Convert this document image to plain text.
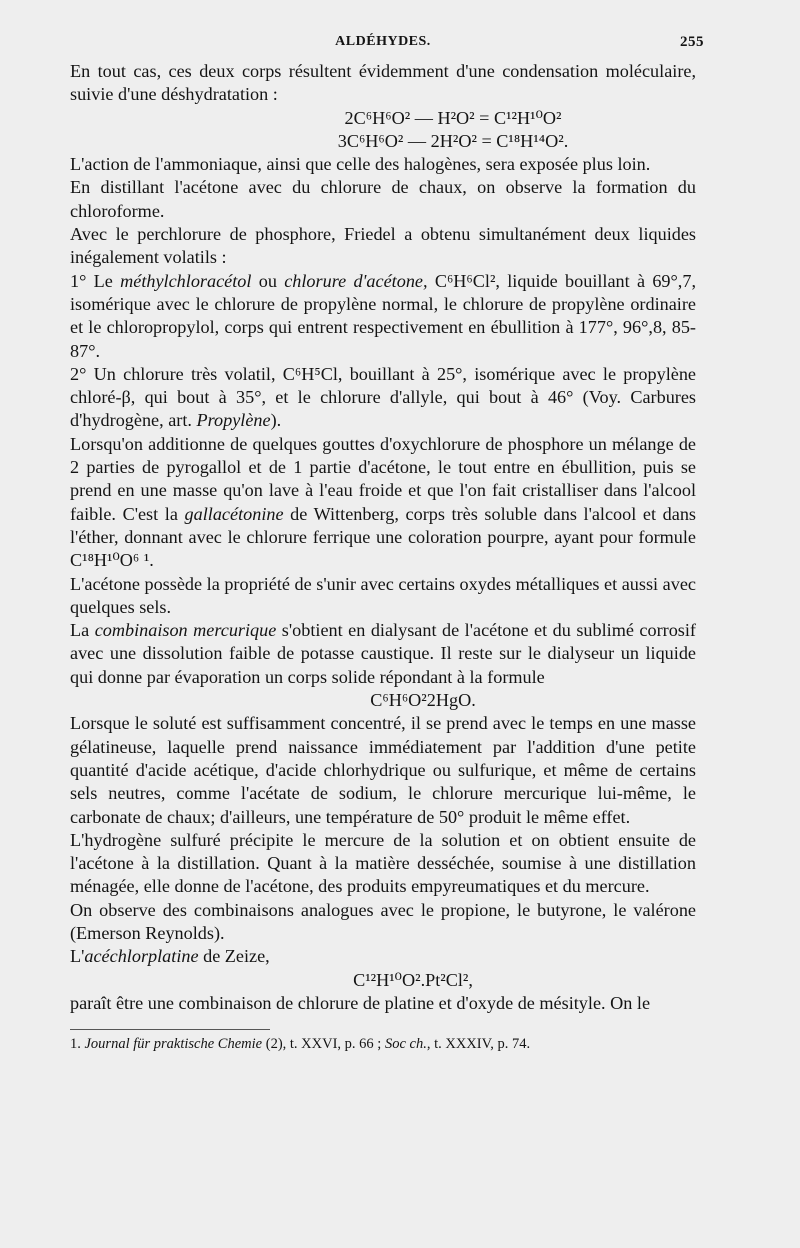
ALDÉHYDES.	255

En tout cas, ces deux corps résultent évidemment d'une condensation moléculaire, suivie d'une déshydratation :

2C⁶H⁶O² — H²O² = C¹²H¹⁰O²

3C⁶H⁶O² — 2H²O² = C¹⁸H¹⁴O².

L'action de l'ammoniaque, ainsi que celle des halogènes, sera exposée plus loin.

En distillant l'acétone avec du chlorure de chaux, on observe la formation du chloroforme.

Avec le perchlorure de phosphore, Friedel a obtenu simultanément deux liquides inégalement volatils :

1° Le méthylchloracétol ou chlorure d'acétone, C⁶H⁶Cl², liquide bouillant à 69°,7, isomérique avec le chlorure de propylène normal, le chlorure de propylène ordinaire et le chloropropylol, corps qui entrent respectivement en ébullition à 177°, 96°,8, 85-87°.

2° Un chlorure très volatil, C⁶H⁵Cl, bouillant à 25°, isomérique avec le propylène chloré-β, qui bout à 35°, et le chlorure d'allyle, qui bout à 46° (Voy. Carbures d'hydrogène, art. Propylène).

Lorsqu'on additionne de quelques gouttes d'oxychlorure de phosphore un mélange de 2 parties de pyrogallol et de 1 partie d'acétone, le tout entre en ébullition, puis se prend en une masse qu'on lave à l'eau froide et que l'on fait cristalliser dans l'alcool faible. C'est la gallacétonine de Wittenberg, corps très soluble dans l'alcool et dans l'éther, donnant avec le chlorure ferrique une coloration pourpre, ayant pour formule C¹⁸H¹⁰O⁶ ¹.

L'acétone possède la propriété de s'unir avec certains oxydes métalliques et aussi avec quelques sels.

La combinaison mercurique s'obtient en dialysant de l'acétone et du sublimé corrosif avec une dissolution faible de potasse caustique. Il reste sur le dialyseur un liquide qui donne par évaporation un corps solide répondant à la formule

C⁶H⁶O²2HgO.

Lorsque le soluté est suffisamment concentré, il se prend avec le temps en une masse gélatineuse, laquelle prend naissance immédiatement par l'addition d'une petite quantité d'acide acétique, d'acide chlorhydrique ou sulfurique, et même de certains sels neutres, comme l'acétate de sodium, le chlorure mercurique lui-même, le carbonate de chaux; d'ailleurs, une température de 50° produit le même effet.

L'hydrogène sulfuré précipite le mercure de la solution et on obtient ensuite de l'acétone à la distillation. Quant à la matière desséchée, soumise à une distillation ménagée, elle donne de l'acétone, des produits empyreumatiques et du mercure.

On observe des combinaisons analogues avec le propione, le butyrone, le valérone (Emerson Reynolds).

L'acéchlorplatine de Zeize,

C¹²H¹⁰O².Pt²Cl²,

paraît être une combinaison de chlorure de platine et d'oxyde de mésityle. On le

1. Journal für praktische Chemie (2), t. XXVI, p. 66 ; Soc ch., t. XXXIV, p. 74.
